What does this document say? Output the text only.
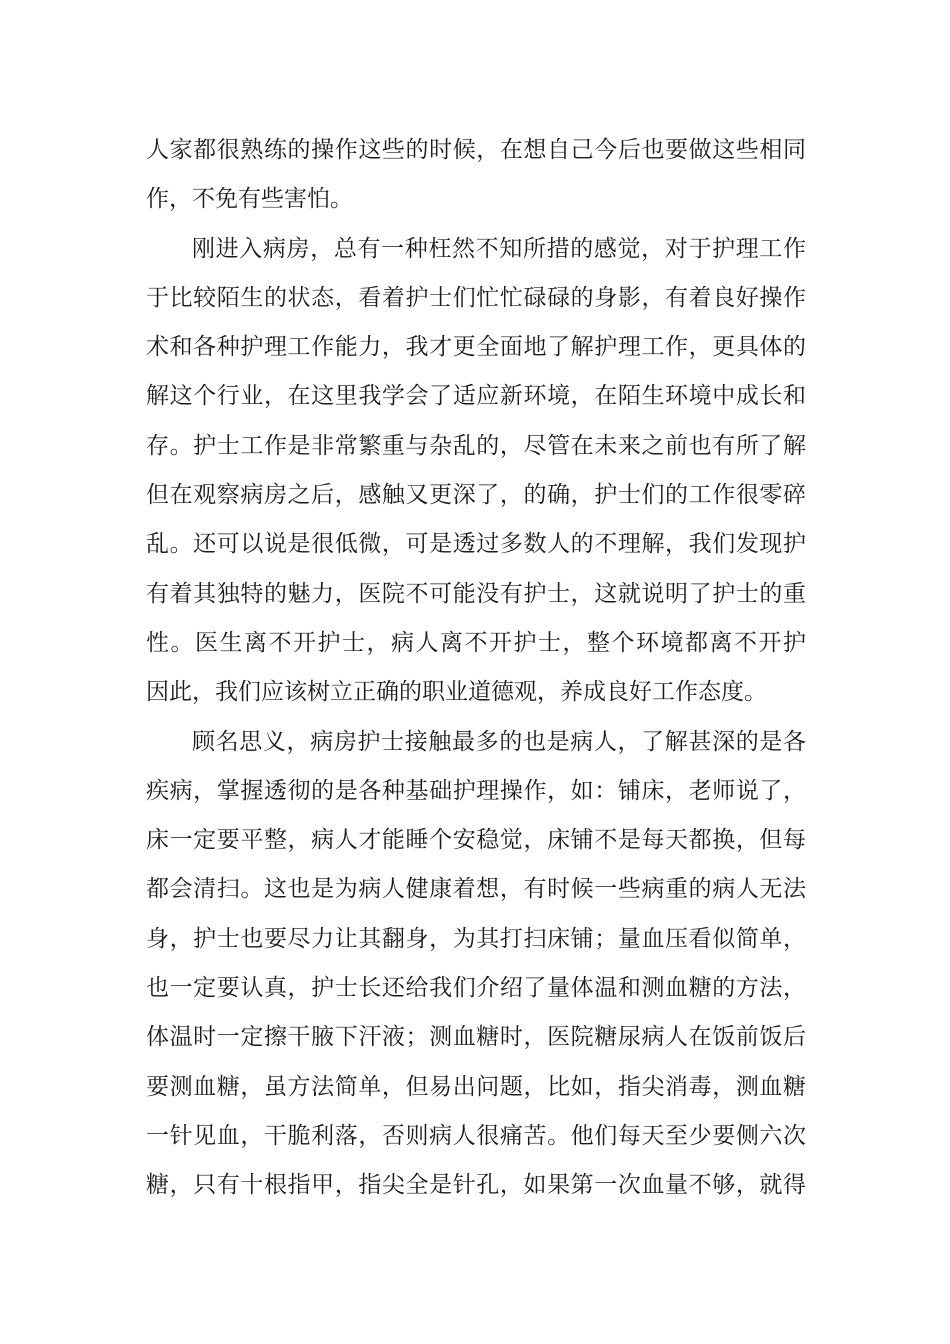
人家都很熟练的操作这些的时候，在想自己今后也要做这些相同
作，不免有些害怕。
刚进入病房，总有一种枉然不知所措的感觉，对于护理工作
于比较陌生的状态，看着护士们忙忙碌碌的身影，有着良好操作
术和各种护理工作能力，我才更全面地了解护理工作，更具体的
解这个行业，在这里我学会了适应新环境，在陌生环境中成长和
存。护士工作是非常繁重与杂乱的，尽管在未来之前也有所了解
但在观察病房之后，感触又更深了，的确，护士们的工作很零碎
乱。还可以说是很低微，可是透过多数人的不理解，我们发现护
有着其独特的魅力，医院不可能没有护士，这就说明了护士的重
性。医生离不开护士，病人离不开护士，整个环境都离不开护
因此，我们应该树立正确的职业道德观，养成良好工作态度。
顾名思义，病房护士接触最多的也是病人，了解甚深的是各
疾病，掌握透彻的是各种基础护理操作，如：铺床，老师说了，
床一定要平整，病人才能睡个安稳觉，床铺不是每天都换，但每
都会清扫。这也是为病人健康着想，有时候一些病重的病人无法
身，护士也要尽力让其翻身，为其打扫床铺；量血压看似简单，
也一定要认真，护士长还给我们介绍了量体温和测血糖的方法，
体温时一定擦干腋下汗液；测血糖时，医院糖尿病人在饭前饭后
要测血糖，虽方法简单，但易出问题，比如，指尖消毒，测血糖
一针见血，干脆利落，否则病人很痛苦。他们每天至少要侧六次
糖，只有十根指甲，指尖全是针孔，如果第一次血量不够，就得
